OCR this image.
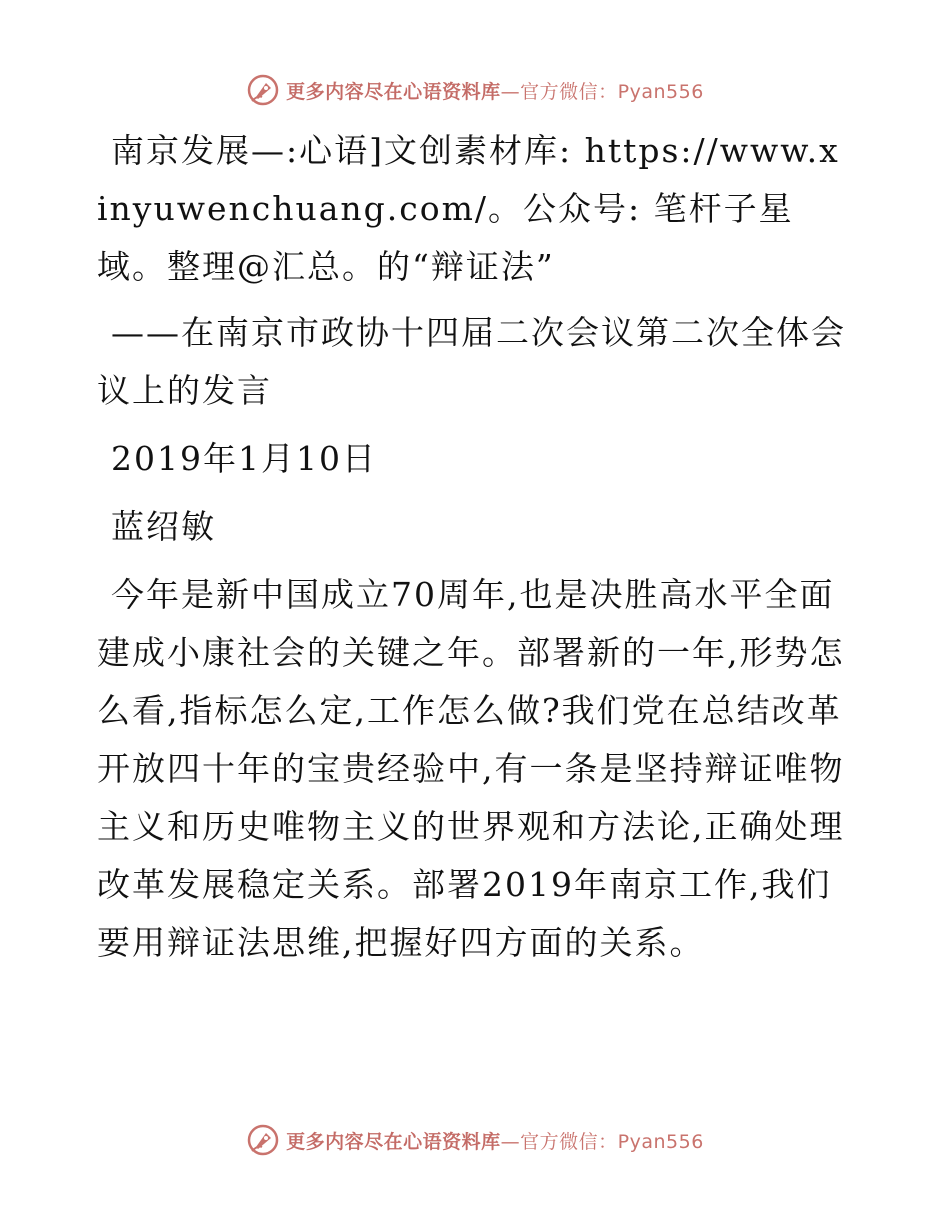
更多内容尽在心语资料库—官方微信：Pyan556

南京发展—:心语]文创素材库: https://www.xinyuwenchuang.com/。公众号: 笔杆子星域。整理@汇总。的“辩证法”

——在南京市政协十四届二次会议第二次全体会议上的发言

2019年1月10日

蓝绍敏

今年是新中国成立70周年,也是决胜高水平全面建成小康社会的关键之年。部署新的一年,形势怎么看,指标怎么定,工作怎么做?我们党在总结改革开放四十年的宝贵经验中,有一条是坚持辩证唯物主义和历史唯物主义的世界观和方法论,正确处理改革发展稳定关系。部署2019年南京工作,我们要用辩证法思维,把握好四方面的关系。

更多内容尽在心语资料库—官方微信：Pyan556
